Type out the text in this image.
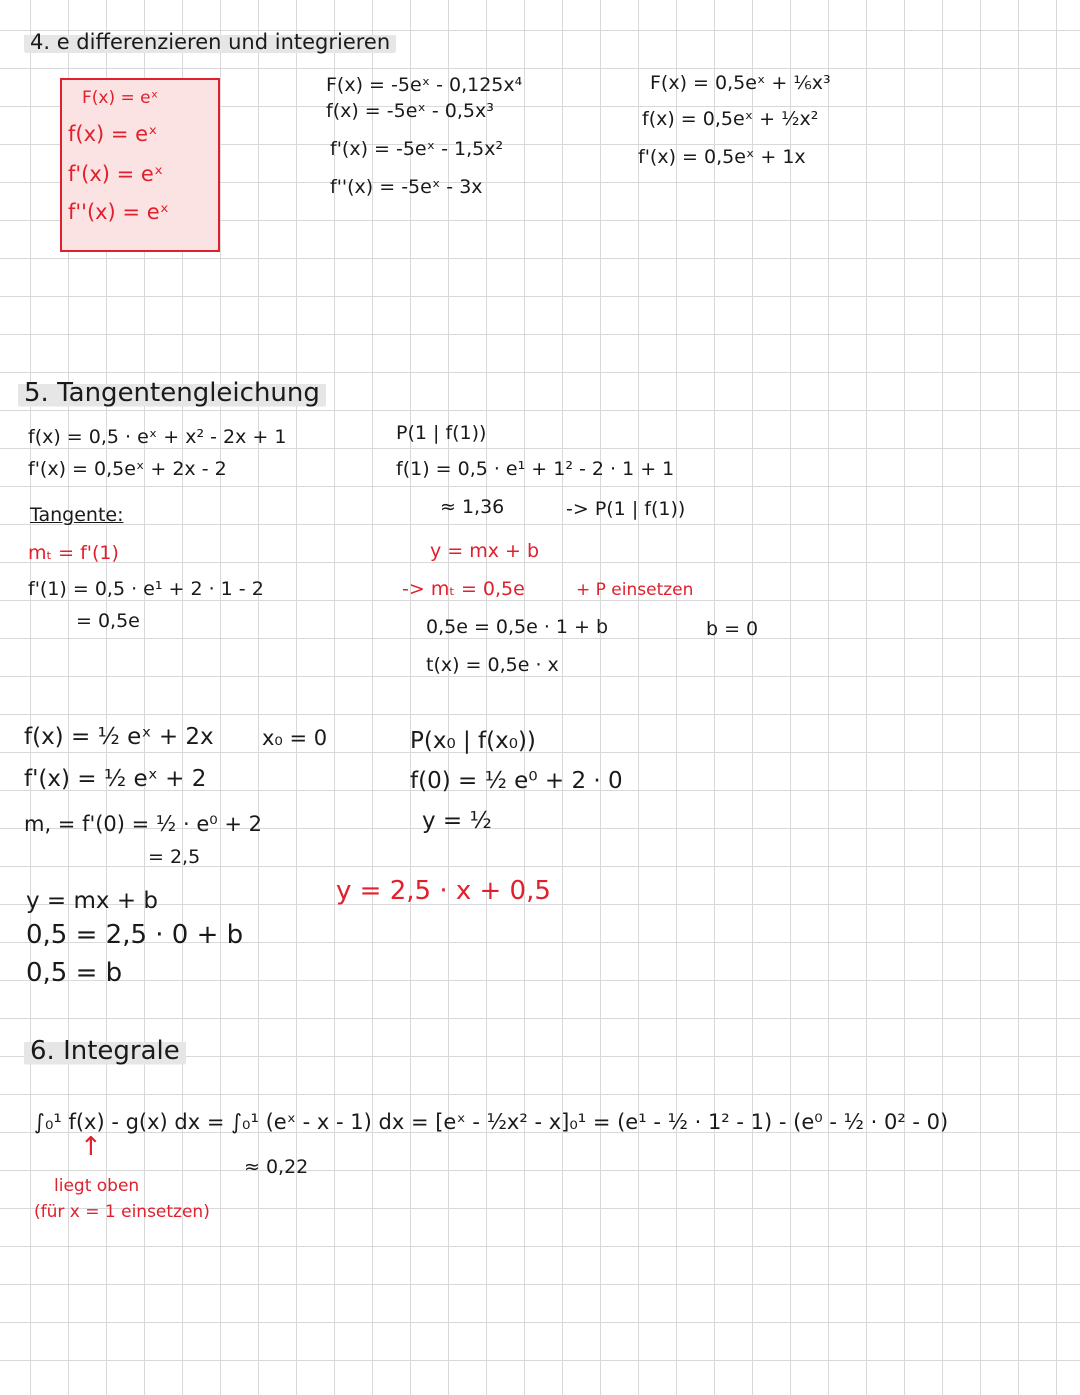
4. e differenzieren und integrieren
F(x) = eˣ
f(x) = eˣ
f'(x) = eˣ
f''(x) = eˣ
F(x) = -5eˣ - 0,125x⁴
f(x) = -5eˣ - 0,5x³
f'(x) = -5eˣ - 1,5x²
f''(x) = -5eˣ - 3x
F(x) = 0,5eˣ + ⅙x³
f(x) = 0,5eˣ + ½x²
f'(x) = 0,5eˣ + 1x
5. Tangentengleichung
f(x) = 0,5 · eˣ + x² - 2x + 1
f'(x) = 0,5eˣ + 2x - 2
Tangente:
mₜ = f'(1)
f'(1) = 0,5 · e¹ + 2 · 1 - 2
= 0,5e
P(1 | f(1))
f(1) = 0,5 · e¹ + 1² - 2 · 1 + 1
≈ 1,36	-> P(1 | f(1))
y = mx + b
-> mₜ = 0,5e	+ P einsetzen
0,5e = 0,5e · 1 + b	b = 0
t(x) = 0,5e · x
f(x) = ½ eˣ + 2x x₀ = 0
f'(x) = ½ eˣ + 2
m, = f'(0) = ½ · e⁰ + 2
= 2,5
y = mx + b
0,5 = 2,5 · 0 + b
0,5 = b
P(x₀ | f(x₀))
f(0) = ½ e⁰ + 2 · 0
y = ½
y = 2,5 · x + 0,5
6. Integrale
∫₀¹ f(x) - g(x) dx = ∫₀¹ (eˣ - x - 1) dx = [eˣ - ½x² - x]₀¹ = (e¹ - ½ · 1² - 1) - (e⁰ - ½ · 0² - 0)
≈ 0,22
↑
liegt oben
(für x = 1 einsetzen)
